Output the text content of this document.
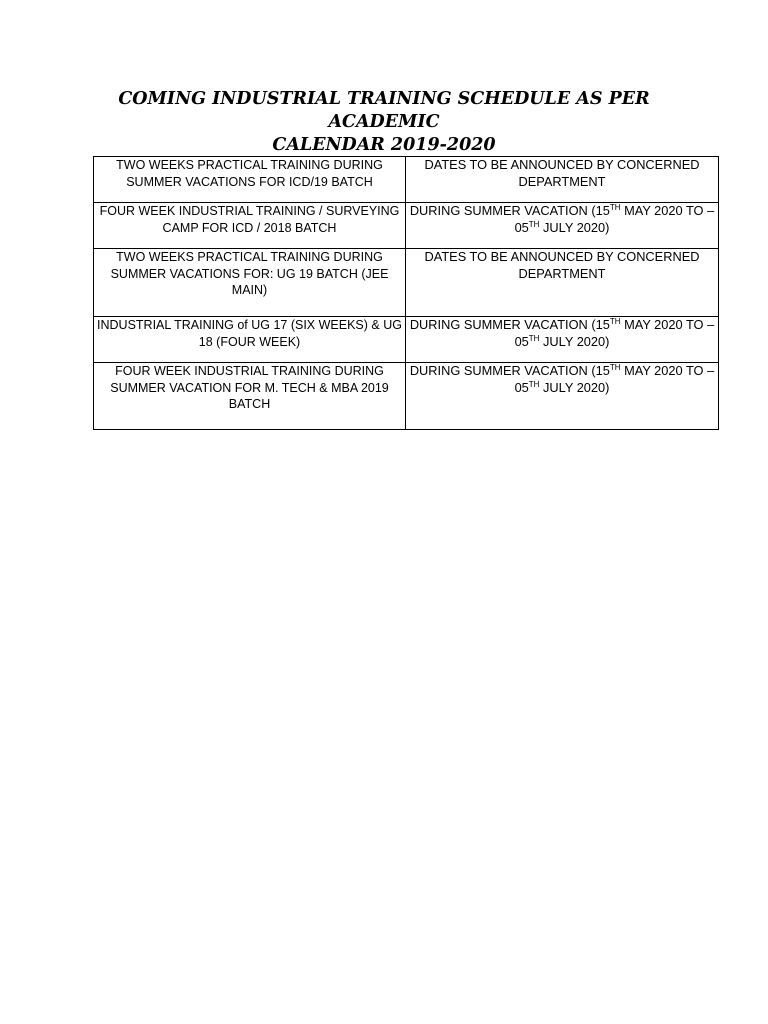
COMING INDUSTRIAL TRAINING SCHEDULE AS PER ACADEMIC
CALENDAR 2019-2020
TWO WEEKS PRACTICAL TRAINING DURING SUMMER VACATIONS FOR ICD/19 BATCH	DATES TO BE ANNOUNCED BY CONCERNED DEPARTMENT

FOUR WEEK INDUSTRIAL TRAINING / SURVEYING CAMP FOR ICD / 2018 BATCH	DURING SUMMER VACATION (15TH MAY 2020 TO – 05TH JULY 2020)

TWO WEEKS PRACTICAL TRAINING DURING SUMMER VACATIONS FOR: UG 19 BATCH (JEE MAIN)	DATES TO BE ANNOUNCED BY CONCERNED DEPARTMENT

INDUSTRIAL TRAINING of UG 17 (SIX WEEKS) & UG 18 (FOUR WEEK)	DURING SUMMER VACATION (15TH MAY 2020 TO – 05TH JULY 2020)

FOUR WEEK INDUSTRIAL TRAINING DURING SUMMER VACATION FOR M. TECH & MBA 2019 BATCH	DURING SUMMER VACATION (15TH MAY 2020 TO – 05TH JULY 2020)
